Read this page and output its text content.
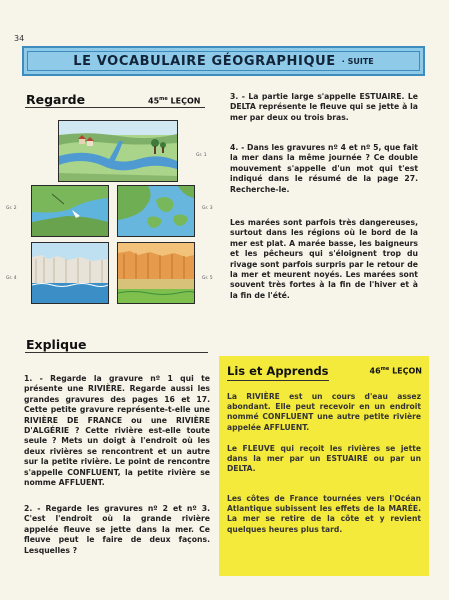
34
LE VOCABULAIRE GÉOGRAPHIQUE · SUITE
Regarde	$45^{me}$ LEÇON
Gr. 1
Gr. 2	Gr. 3
Gr. 4	Gr. 5
3. - La partie large s'appelle ESTUAIRE. Le DELTA représente le fleuve qui se jette à la mer par deux ou trois bras.
4. - Dans les gravures nº 4 et nº 5, que fait la mer dans la même journée ? Ce double mouvement s'appelle d'un mot qui t'est indiqué dans le résumé de la page 27. Recherche-le.
Les marées sont parfois très dangereuses, surtout dans les régions où le bord de la mer est plat. A marée basse, les baigneurs et les pêcheurs qui s'éloignent trop du rivage sont parfois surpris par le retour de la mer et meurent noyés. Les marées sont souvent très fortes à la fin de l'hiver et à la fin de l'été.
Explique
1. - Regarde la gravure nº 1 qui te présente une RIVIÈRE. Regarde aussi les grandes gravures des pages 16 et 17. Cette petite gravure représente-t-elle une RIVIÈRE DE FRANCE ou une RIVIÈRE D'ALGÉRIE ? Cette rivière est-elle toute seule ? Mets un doigt à l'endroit où les deux rivières se rencontrent et un autre sur la petite rivière. Le point de rencontre s'appelle CONFLUENT, la petite rivière se nomme AFFLUENT.
2. - Regarde les gravures nº 2 et nº 3. C'est l'endroit où la grande rivière appelée fleuve se jette dans la mer. Ce fleuve peut le faire de deux façons. Lesquelles ?
Lis et Apprends	$46^{me}$ LEÇON
La RIVIÈRE est un cours d'eau assez abondant. Elle peut recevoir en un endroit nommé CONFLUENT une autre petite rivière appelée AFFLUENT.
Le FLEUVE qui reçoit les rivières se jette dans la mer par un ESTUAIRE ou par un DELTA.
Les côtes de France tournées vers l'Océan Atlantique subissent les effets de la MARÉE. La mer se retire de la côte et y revient quelques heures plus tard.
